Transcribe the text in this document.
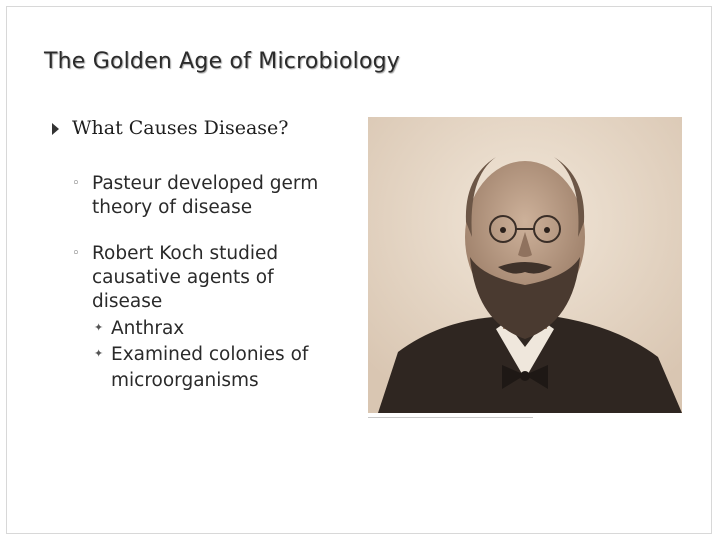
The Golden Age of Microbiology
What Causes Disease?
◦ Pasteur developed germ theory of disease
◦ Robert Koch studied causative agents of disease
✦ Anthrax
✦ Examined colonies of microorganisms
